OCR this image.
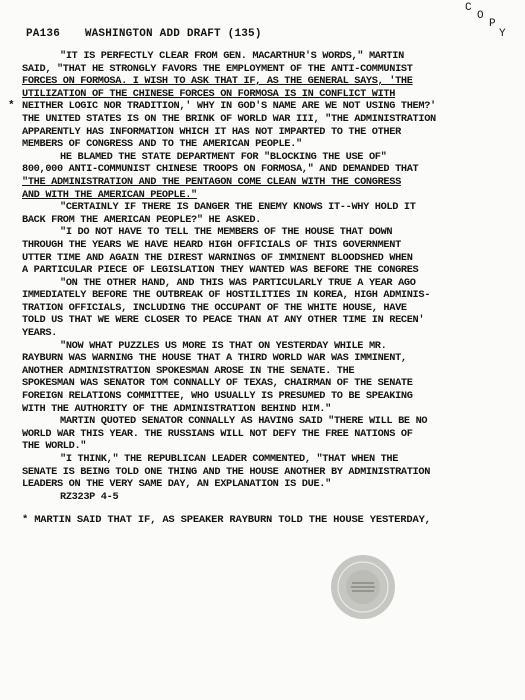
C
O
P
Y
PA136 WASHINGTON ADD DRAFT (135)
"IT IS PERFECTLY CLEAR FROM GEN. MACARTHUR'S WORDS," MARTIN
SAID, "THAT HE STRONGLY FAVORS THE EMPLOYMENT OF THE ANTI-COMMUNIST
FORCES ON FORMOSA. I WISH TO ASK THAT IF, AS THE GENERAL SAYS, 'THE
UTILIZATION OF THE CHINESE FORCES ON FORMOSA IS IN CONFLICT WITH
* NEITHER LOGIC NOR TRADITION,' WHY IN GOD'S NAME ARE WE NOT USING THEM?'
THE UNITED STATES IS ON THE BRINK OF WORLD WAR III, "THE ADMINISTRATION
APPARENTLY HAS INFORMATION WHICH IT HAS NOT IMPARTED TO THE OTHER
MEMBERS OF CONGRESS AND TO THE AMERICAN PEOPLE."
HE BLAMED THE STATE DEPARTMENT FOR "BLOCKING THE USE OF"
800,000 ANTI-COMMUNIST CHINESE TROOPS ON FORMOSA," AND DEMANDED THAT
"THE ADMINISTRATION AND THE PENTAGON COME CLEAN WITH THE CONGRESS
AND WITH THE AMERICAN PEOPLE."
"CERTAINLY IF THERE IS DANGER THE ENEMY KNOWS IT--WHY HOLD IT
BACK FROM THE AMERICAN PEOPLE?" HE ASKED.
"I DO NOT HAVE TO TELL THE MEMBERS OF THE HOUSE THAT DOWN
THROUGH THE YEARS WE HAVE HEARD HIGH OFFICIALS OF THIS GOVERNMENT
UTTER TIME AND AGAIN THE DIREST WARNINGS OF IMMINENT BLOODSHED WHEN
A PARTICULAR PIECE OF LEGISLATION THEY WANTED WAS BEFORE THE CONGRES
"ON THE OTHER HAND, AND THIS WAS PARTICULARLY TRUE A YEAR AGO
IMMEDIATELY BEFORE THE OUTBREAK OF HOSTILITIES IN KOREA, HIGH ADMINIS-
TRATION OFFICIALS, INCLUDING THE OCCUPANT OF THE WHITE HOUSE, HAVE
TOLD US THAT WE WERE CLOSER TO PEACE THAN AT ANY OTHER TIME IN RECEN'
YEARS.
"NOW WHAT PUZZLES US MORE IS THAT ON YESTERDAY WHILE MR.
RAYBURN WAS WARNING THE HOUSE THAT A THIRD WORLD WAR WAS IMMINENT,
ANOTHER ADMINISTRATION SPOKESMAN AROSE IN THE SENATE. THE
SPOKESMAN WAS SENATOR TOM CONNALLY OF TEXAS, CHAIRMAN OF THE SENATE
FOREIGN RELATIONS COMMITTEE, WHO USUALLY IS PRESUMED TO BE SPEAKING
WITH THE AUTHORITY OF THE ADMINISTRATION BEHIND HIM."
MARTIN QUOTED SENATOR CONNALLY AS HAVING SAID "THERE WILL BE NO
WORLD WAR THIS YEAR. THE RUSSIANS WILL NOT DEFY THE FREE NATIONS OF
THE WORLD."
"I THINK," THE REPUBLICAN LEADER COMMENTED, "THAT WHEN THE
SENATE IS BEING TOLD ONE THING AND THE HOUSE ANOTHER BY ADMINISTRATION
LEADERS ON THE VERY SAME DAY, AN EXPLANATION IS DUE."
RZ323P 4-5
* MARTIN SAID THAT IF, AS SPEAKER RAYBURN TOLD THE HOUSE YESTERDAY,
